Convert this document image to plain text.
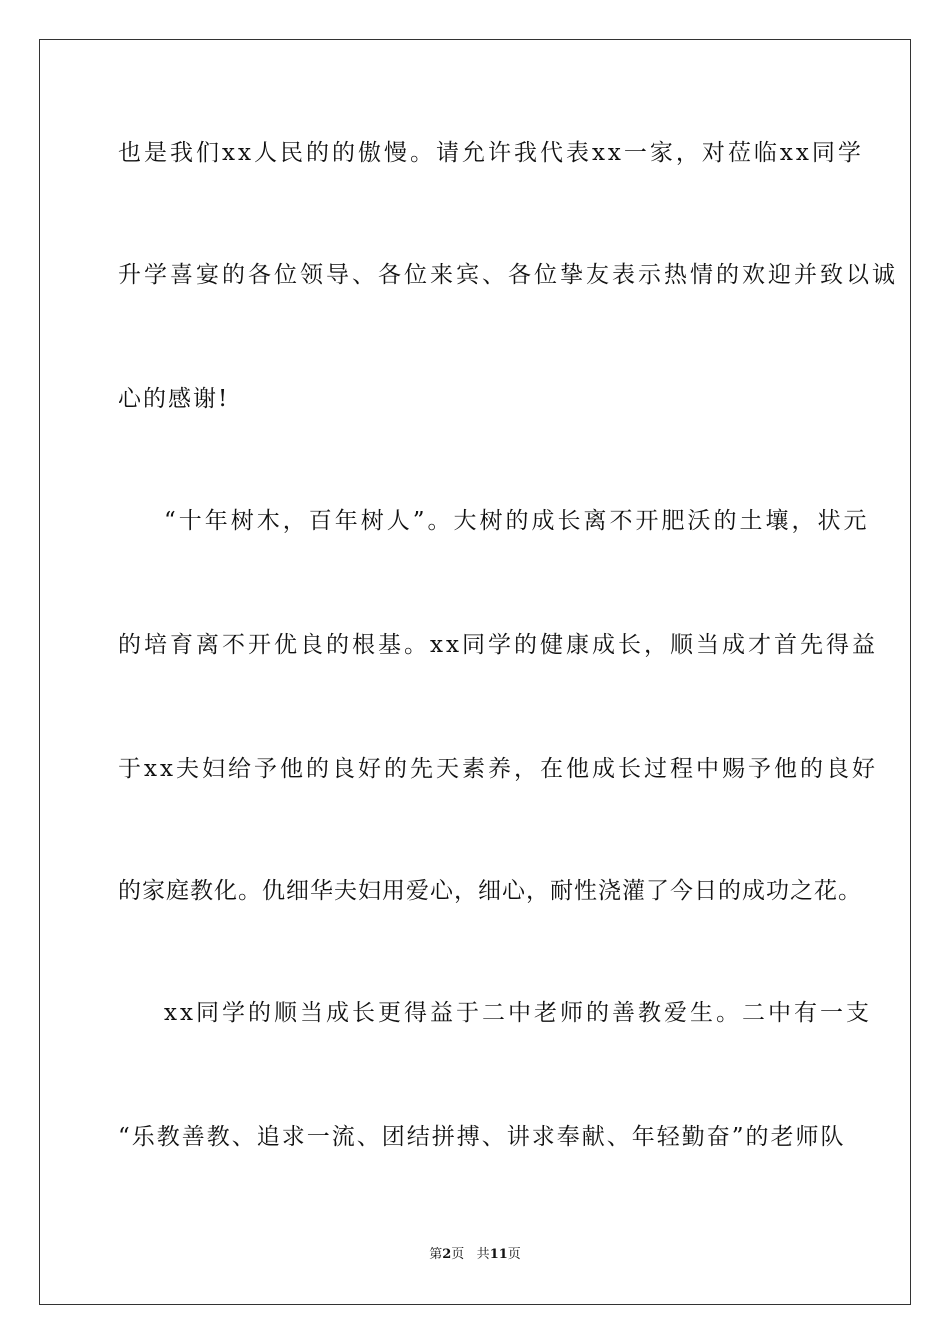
也是我们xx人民的的傲慢。请允许我代表xx一家，对莅临xx同学
升学喜宴的各位领导、各位来宾、各位挚友表示热情的欢迎并致以诚
心的感谢!
“十年树木，百年树人”。大树的成长离不开肥沃的土壤，状元
的培育离不开优良的根基。xx同学的健康成长，顺当成才首先得益
于xx夫妇给予他的良好的先天素养，在他成长过程中赐予他的良好
的家庭教化。仇细华夫妇用爱心，细心，耐性浇灌了今日的成功之花。
xx同学的顺当成长更得益于二中老师的善教爱生。二中有一支
“乐教善教、追求一流、团结拼搏、讲求奉献、年轻勤奋”的老师队
第2页 共11页
